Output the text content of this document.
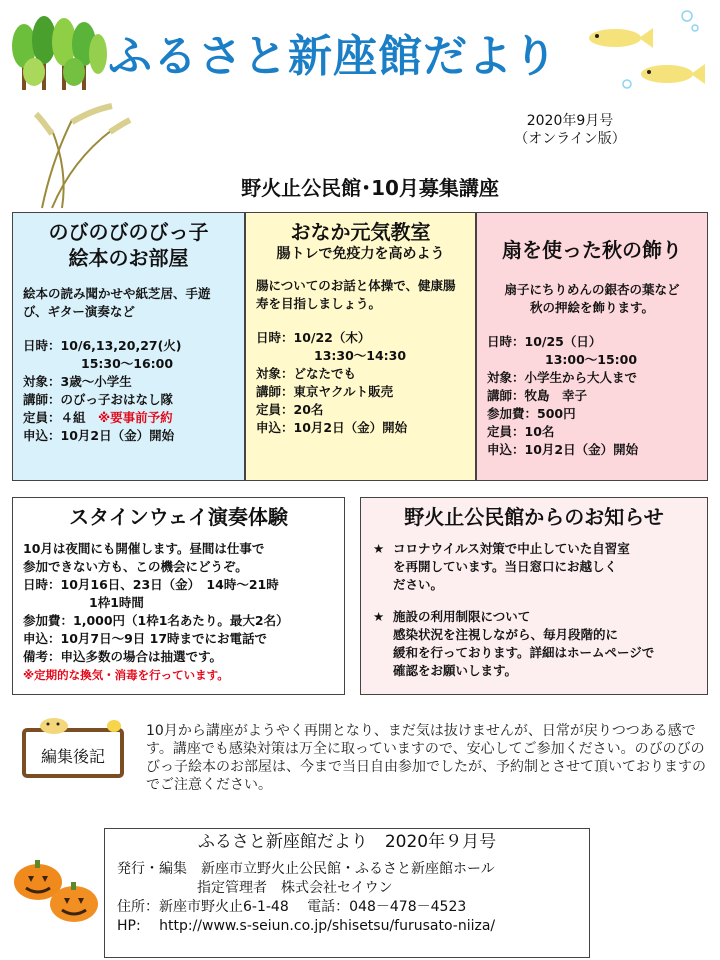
ふるさと新座館だより
2020年9月号
（オンライン版）
野火止公民館･10月募集講座
のびのびのびっ子
絵本のお部屋
絵本の読み聞かせや紙芝居、手遊び、ギター演奏など
日時：10/6,13,20,27(火)
15:30～16:00
対象：3歳～小学生
講師：のびっ子おはなし隊
定員：４組　 ※要事前予約
申込：10月2日（金）開始
おなか元気教室
腸トレで免疫力を高めよう
腸についてのお話と体操で、健康腸寿を目指しましょう。
日時：10/22（木）
13:30～14:30
対象：どなたでも
講師：東京ヤクルト販売
定員：20名
申込：10月2日（金）開始
扇を使った秋の飾り
扇子にちりめんの銀杏の葉など
秋の押絵を飾ります。
日時：10/25（日）
13:00～15:00
対象：小学生から大人まで
講師：牧島　幸子
参加費：500円
定員：10名
申込：10月2日（金）開始
スタインウェイ演奏体験
10月は夜間にも開催します。昼間は仕事で
参加できない方も、この機会にどうぞ。
日時：10月16日、23日（金）　14時～21時
1枠1時間
参加費：1,000円（1枠1名あたり。最大2名）
申込：10月7日～9日 17時までにお電話で
備考：申込多数の場合は抽選です。
※定期的な換気・消毒を行っています。
野火止公民館からのお知らせ
★ コロナウイルス対策で中止していた自習室
を再開しています。当日窓口にお越しく
ださい。
★ 施設の利用制限について
感染状況を注視しながら、毎月段階的に
緩和を行っております。詳細はホームページで
確認をお願いします。
編集後記
10月から講座がようやく再開となり、まだ気は抜けませんが、日常が戻りつつある感です。講座でも感染対策は万全に取っていますので、安心してご参加ください。のびのびのびっ子絵本のお部屋は、今まで当日自由参加でしたが、予約制とさせて頂いておりますのでご注意ください。
ふるさと新座館だより　2020年９月号
発行・編集　新座市立野火止公民館・ふるさと新座館ホール
指定管理者　株式会社セイウン
住所：新座市野火止6-1-48　 電話：048－478－4523
HP:　 http://www.s-seiun.co.jp/shisetsu/furusato-niiza/
